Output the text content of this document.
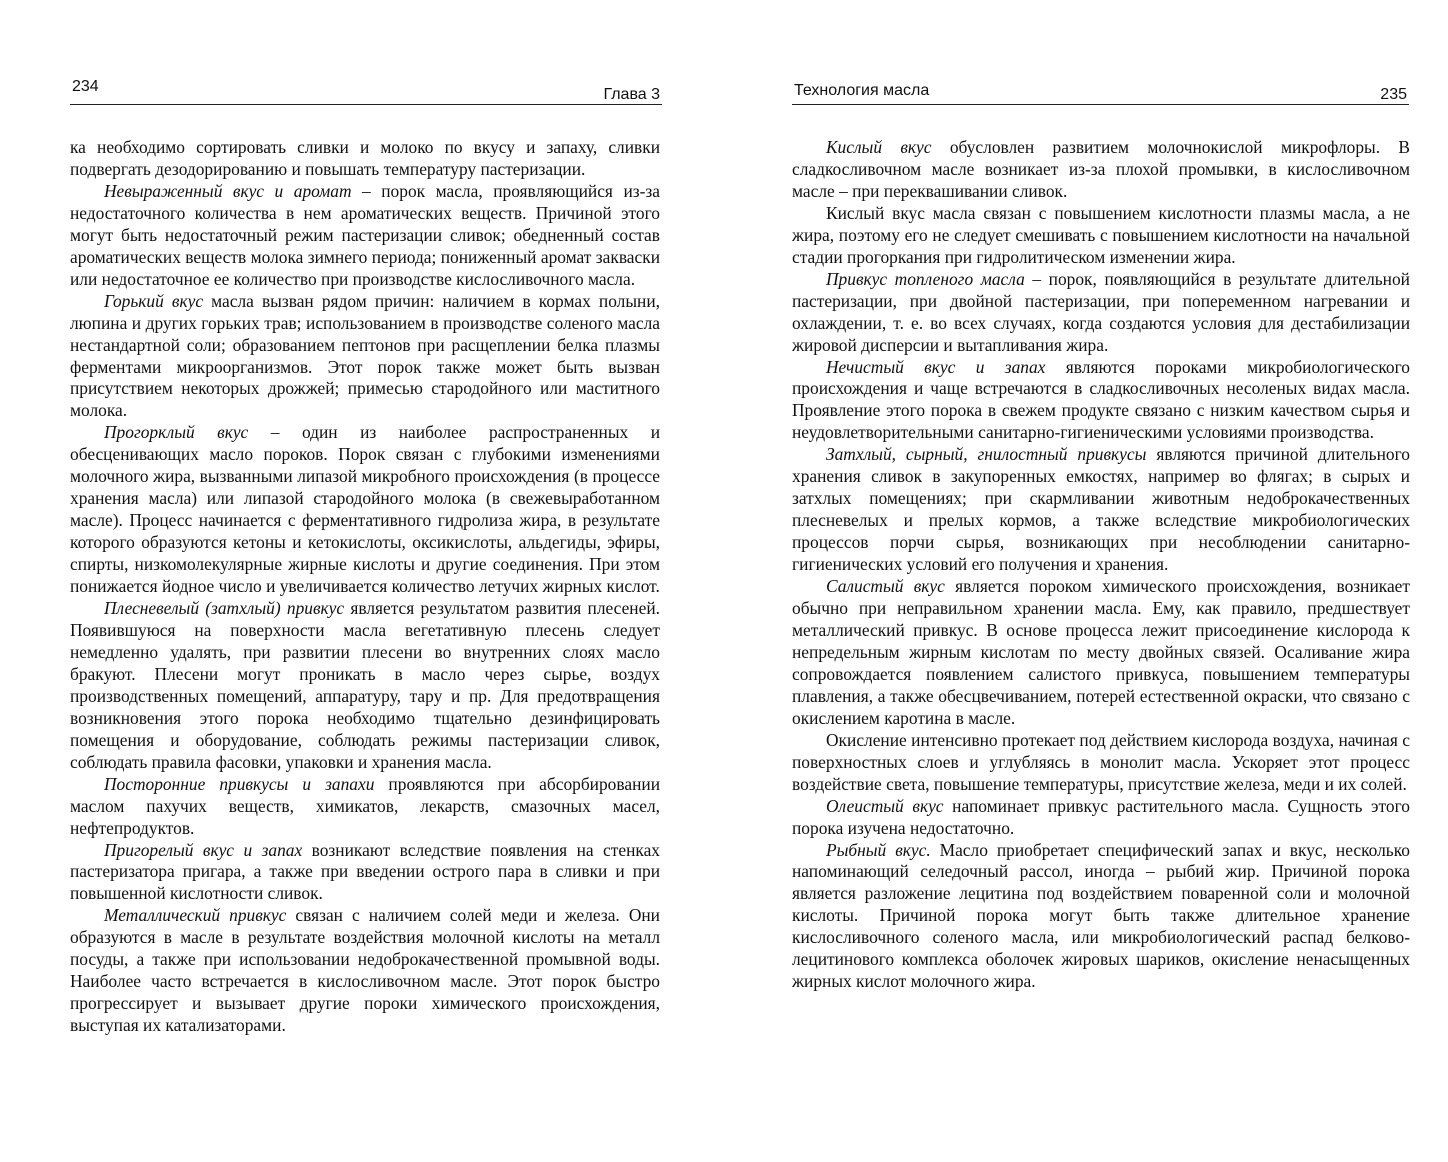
234	Глава 3

ка необходимо сортировать сливки и молоко по вкусу и запаху, сливки подвергать дезодорированию и повышать температуру пастеризации.

Невыраженный вкус и аромат – порок масла, проявляющийся из-за недостаточного количества в нем ароматических веществ. Причиной этого могут быть недостаточный режим пастеризации сливок; обедненный состав ароматических веществ молока зимнего периода; пониженный аромат закваски или недостаточное ее количество при производстве кислосливочного масла.

Горький вкус масла вызван рядом причин: наличием в кормах полыни, люпина и других горьких трав; использованием в производстве соленого масла нестандартной соли; образованием пептонов при расщеплении белка плазмы ферментами микроорганизмов. Этот порок также может быть вызван присутствием некоторых дрожжей; примесью стародойного или маститного молока.

Прогорклый вкус – один из наиболее распространенных и обесценивающих масло пороков. Порок связан с глубокими изменениями молочного жира, вызванными липазой микробного происхождения (в процессе хранения масла) или липазой стародойного молока (в свежевыработанном масле). Процесс начинается с ферментативного гидролиза жира, в результате которого образуются кетоны и кетокислоты, оксикислоты, альдегиды, эфиры, спирты, низкомолекулярные жирные кислоты и другие соединения. При этом понижается йодное число и увеличивается количество летучих жирных кислот.

Плесневелый (затхлый) привкус является результатом развития плесеней. Появившуюся на поверхности масла вегетативную плесень следует немедленно удалять, при развитии плесени во внутренних слоях масло бракуют. Плесени могут проникать в масло через сырье, воздух производственных помещений, аппаратуру, тару и пр. Для предотвращения возникновения этого порока необходимо тщательно дезинфицировать помещения и оборудование, соблюдать режимы пастеризации сливок, соблюдать правила фасовки, упаковки и хранения масла.

Посторонние привкусы и запахи проявляются при абсорбировании маслом пахучих веществ, химикатов, лекарств, смазочных масел, нефтепродуктов.

Пригорелый вкус и запах возникают вследствие появления на стенках пастеризатора пригара, а также при введении острого пара в сливки и при повышенной кислотности сливок.

Металлический привкус связан с наличием солей меди и железа. Они образуются в масле в результате воздействия молочной кислоты на металл посуды, а также при использовании недоброкачественной промывной воды. Наиболее часто встречается в кислосливочном масле. Этот порок быстро прогрессирует и вызывает другие пороки химического происхождения, выступая их катализаторами.

Технология масла	235

Кислый вкус обусловлен развитием молочнокислой микрофлоры. В сладкосливочном масле возникает из-за плохой промывки, в кислосливочном масле – при переквашивании сливок.

Кислый вкус масла связан с повышением кислотности плазмы масла, а не жира, поэтому его не следует смешивать с повышением кислотности на начальной стадии прогоркания при гидролитическом изменении жира.

Привкус топленого масла – порок, появляющийся в результате длительной пастеризации, при двойной пастеризации, при попеременном нагревании и охлаждении, т. е. во всех случаях, когда создаются условия для дестабилизации жировой дисперсии и вытапливания жира.

Нечистый вкус и запах являются пороками микробиологического происхождения и чаще встречаются в сладкосливочных несоленых видах масла. Проявление этого порока в свежем продукте связано с низким качеством сырья и неудовлетворительными санитарно-гигиеническими условиями производства.

Затхлый, сырный, гнилостный привкусы являются причиной длительного хранения сливок в закупоренных емкостях, например во флягах; в сырых и затхлых помещениях; при скармливании животным недоброкачественных плесневелых и прелых кормов, а также вследствие микробиологических процессов порчи сырья, возникающих при несоблюдении санитарно-гигиенических условий его получения и хранения.

Салистый вкус является пороком химического происхождения, возникает обычно при неправильном хранении масла. Ему, как правило, предшествует металлический привкус. В основе процесса лежит присоединение кислорода к непредельным жирным кислотам по месту двойных связей. Осаливание жира сопровождается появлением салистого привкуса, повышением температуры плавления, а также обесцвечиванием, потерей естественной окраски, что связано с окислением каротина в масле.

Окисление интенсивно протекает под действием кислорода воздуха, начиная с поверхностных слоев и углубляясь в монолит масла. Ускоряет этот процесс воздействие света, повышение температуры, присутствие железа, меди и их солей.

Олеистый вкус напоминает привкус растительного масла. Сущность этого порока изучена недостаточно.

Рыбный вкус. Масло приобретает специфический запах и вкус, несколько напоминающий селедочный рассол, иногда – рыбий жир. Причиной порока является разложение лецитина под воздействием поваренной соли и молочной кислоты. Причиной порока могут быть также длительное хранение кислосливочного соленого масла, или микробиологический распад белково-лецитинового комплекса оболочек жировых шариков, окисление ненасыщенных жирных кислот молочного жира.
